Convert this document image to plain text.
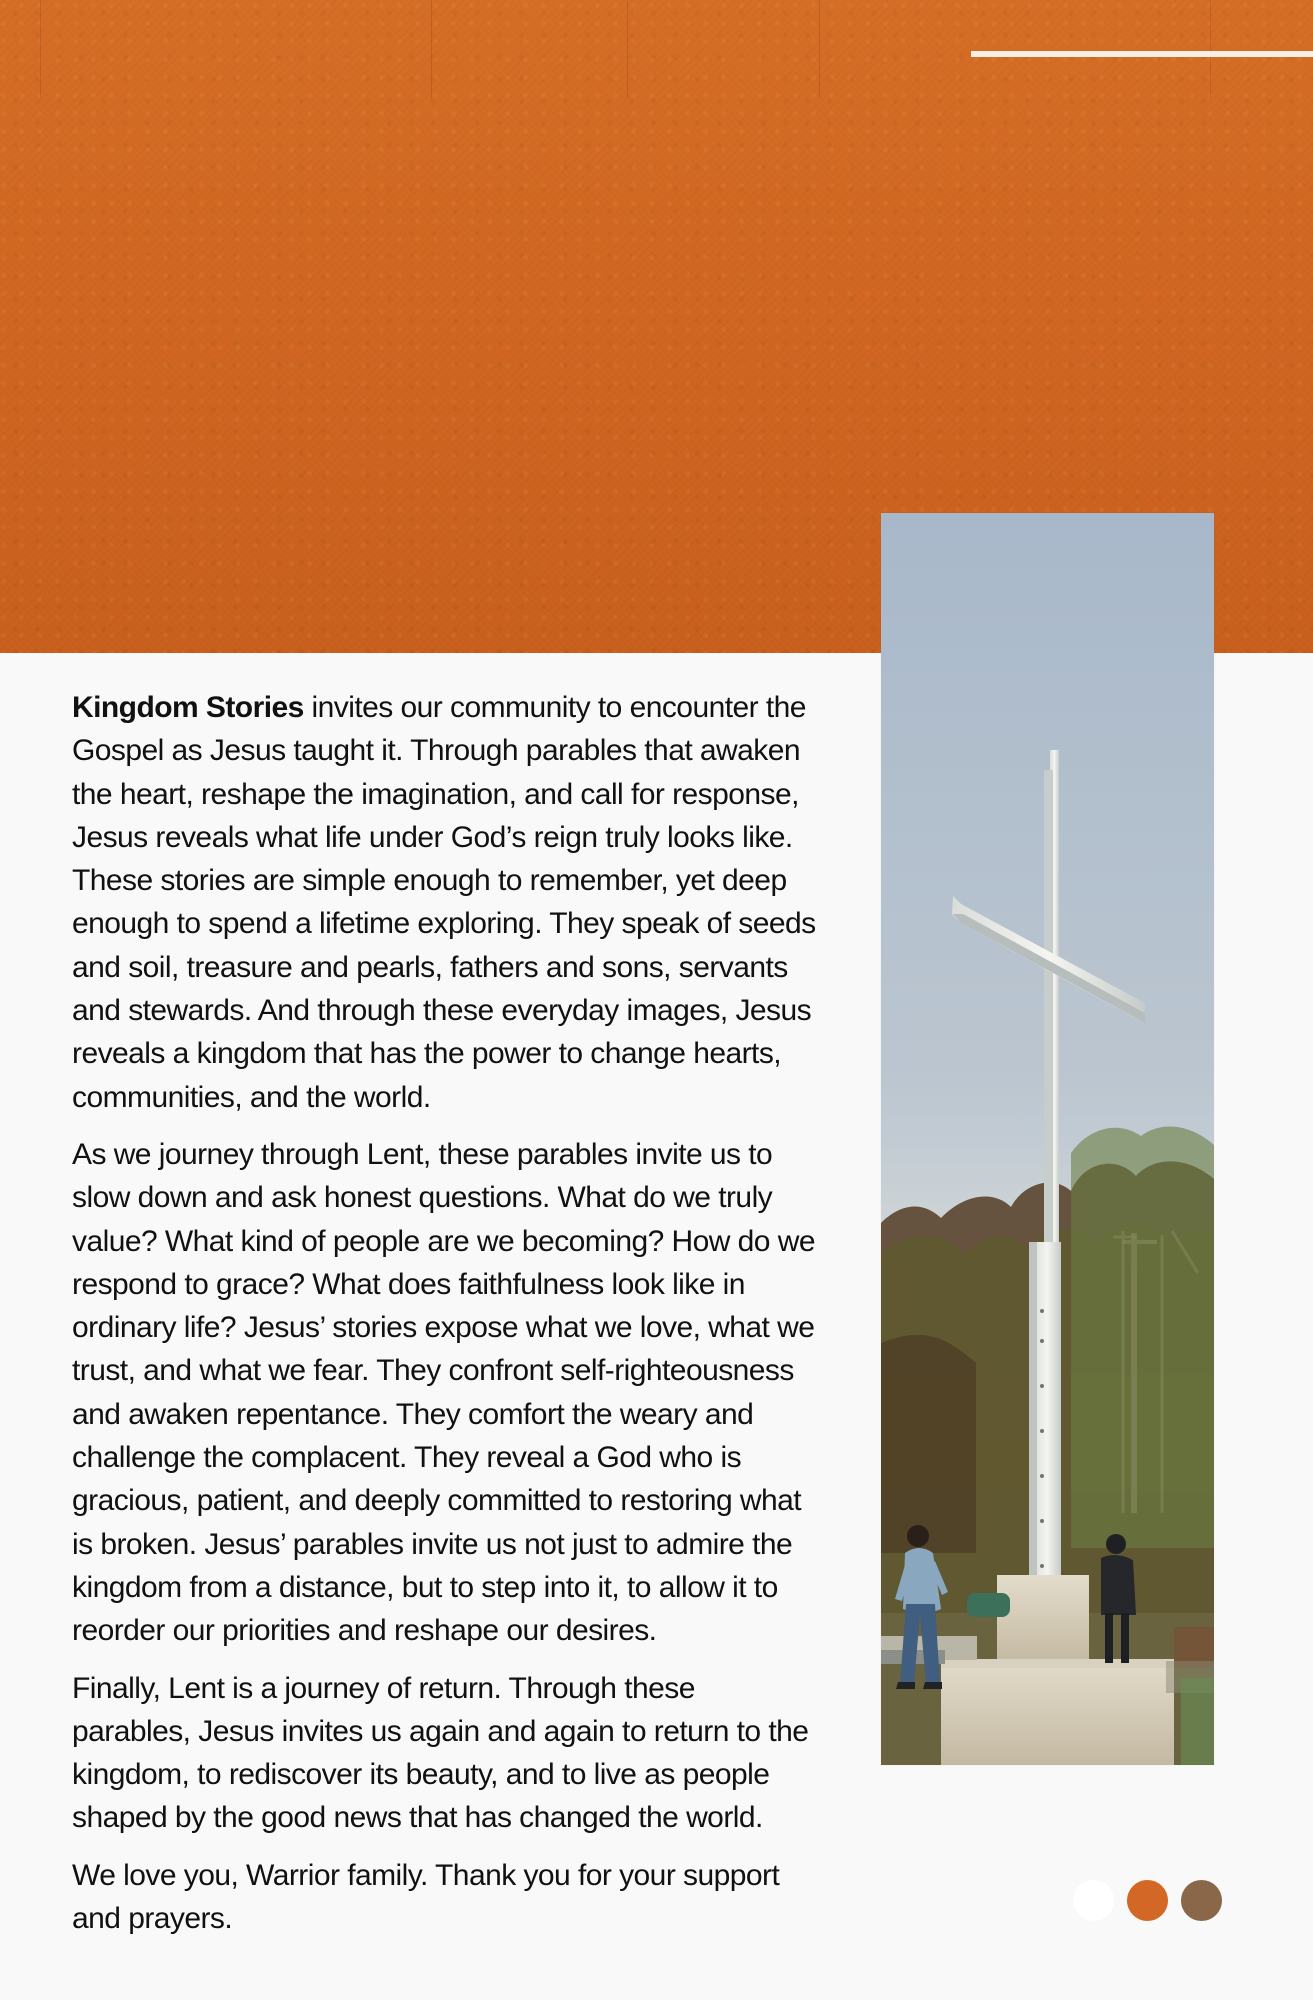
Kingdom Stories invites our community to encounter the Gospel as Jesus taught it. Through parables that awaken the heart, reshape the imagination, and call for response, Jesus reveals what life under God’s reign truly looks like. These stories are simple enough to remember, yet deep enough to spend a lifetime exploring. They speak of seeds and soil, treasure and pearls, fathers and sons, servants and stewards. And through these everyday images, Jesus reveals a kingdom that has the power to change hearts, communities, and the world.

As we journey through Lent, these parables invite us to slow down and ask honest questions. What do we truly value? What kind of people are we becoming? How do we respond to grace? What does faithfulness look like in ordinary life? Jesus’ stories expose what we love, what we trust, and what we fear. They confront self-righteousness and awaken repentance. They comfort the weary and challenge the complacent. They reveal a God who is gracious, patient, and deeply committed to restoring what is broken. Jesus’ parables invite us not just to admire the kingdom from a distance, but to step into it, to allow it to reorder our priorities and reshape our desires.

Finally, Lent is a journey of return. Through these parables, Jesus invites us again and again to return to the kingdom, to rediscover its beauty, and to live as people shaped by the good news that has changed the world.

We love you, Warrior family. Thank you for your support and prayers.
